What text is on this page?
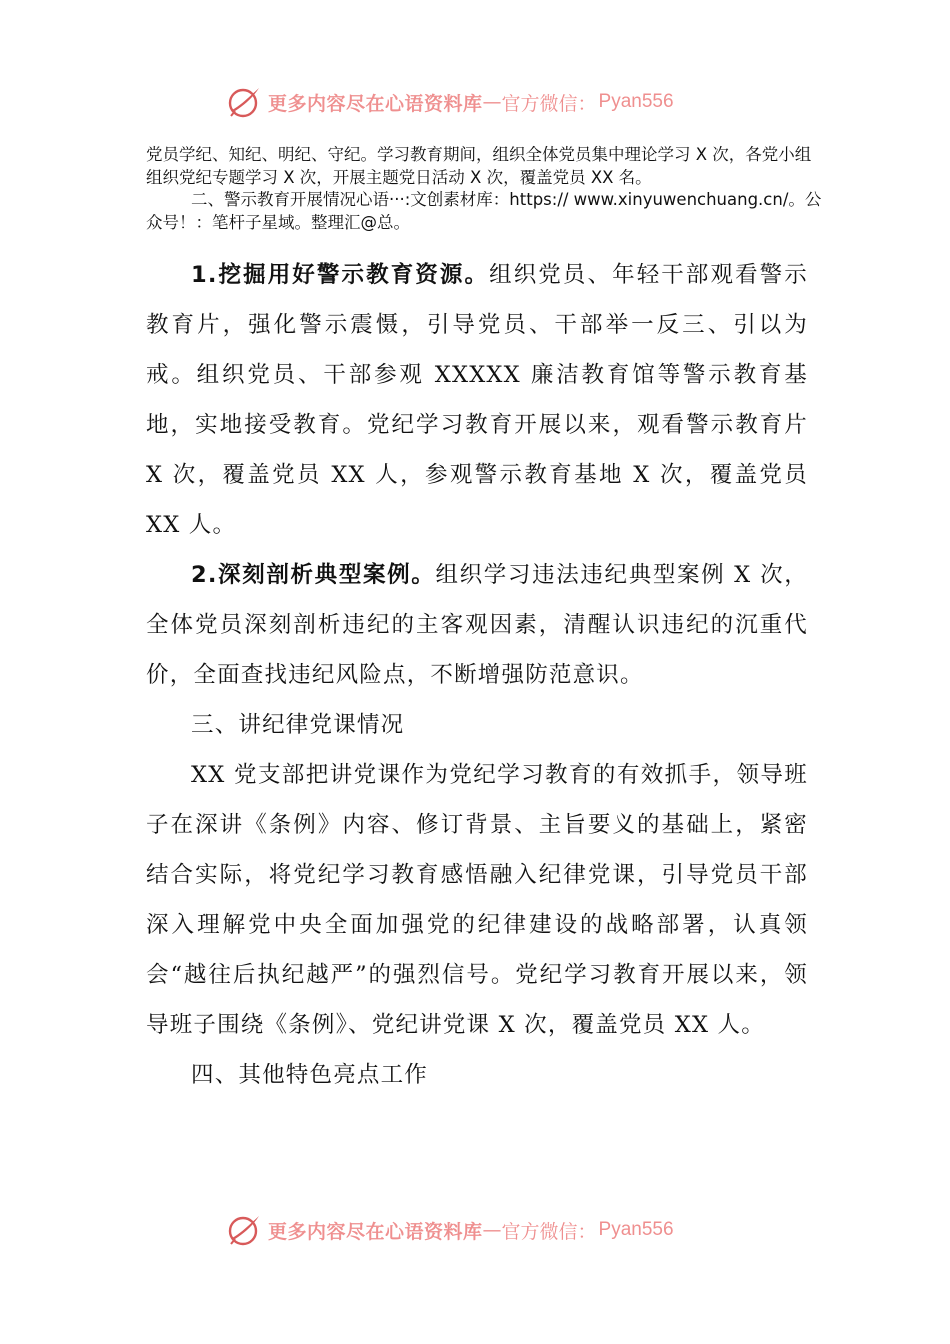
更多内容尽在心语资料库 — 官方微信： Pyan556

党员学纪、知纪、明纪、守纪。学习教育期间，组织全体党员集中理论学习 X 次，各党小组组织党纪专题学习 X 次，开展主题党日活动 X 次，覆盖党员 XX 名。

二、警示教育开展情况心语···:文创素材库：https:// www.xinyuwenchuang.cn/。公众号！：笔杆子星域。整理汇@总。

1.挖掘用好警示教育资源。组织党员、年轻干部观看警示教育片，强化警示震慑，引导党员、干部举一反三、引以为戒。组织党员、干部参观 XXXXX 廉洁教育馆等警示教育基地，实地接受教育。党纪学习教育开展以来，观看警示教育片 X 次，覆盖党员 XX 人，参观警示教育基地 X 次，覆盖党员 XX 人。

2.深刻剖析典型案例。组织学习违法违纪典型案例 X 次，全体党员深刻剖析违纪的主客观因素，清醒认识违纪的沉重代价，全面查找违纪风险点，不断增强防范意识。

三、讲纪律党课情况

XX 党支部把讲党课作为党纪学习教育的有效抓手，领导班子在深讲《条例》内容、修订背景、主旨要义的基础上，紧密结合实际，将党纪学习教育感悟融入纪律党课，引导党员干部深入理解党中央全面加强党的纪律建设的战略部署，认真领会“越往后执纪越严”的强烈信号。党纪学习教育开展以来，领导班子围绕《条例》、党纪讲党课 X 次，覆盖党员 XX 人。

四、其他特色亮点工作

更多内容尽在心语资料库 — 官方微信： Pyan556
